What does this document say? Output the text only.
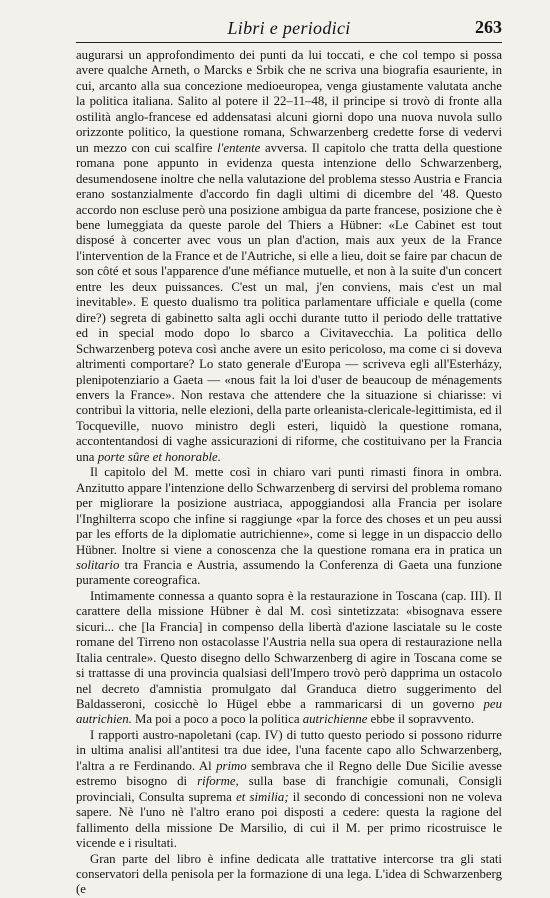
Libri e periodici	263

augurarsi un approfondimento dei punti da lui toccati, e che col tempo si possa avere qualche Arneth, o Marcks e Srbik che ne scriva una biografia esauriente, in cui, arcanto alla sua concezione medioeuropea, venga giustamente valutata anche la politica italiana. Salito al potere il 22–11–48, il principe si trovò di fronte alla ostilità anglo-francese ed addensatasi alcuni giorni dopo una nuova nuvola sullo orizzonte politico, la questione romana, Schwarzenberg credette forse di vedervi un mezzo con cui scalfire l'entente avversa. Il capitolo che tratta della questione romana pone appunto in evidenza questa intenzione dello Schwarzenberg, desumendosene inoltre che nella valutazione del problema stesso Austria e Francia erano sostanzialmente d'accordo fin dagli ultimi di dicembre del '48. Questo accordo non escluse però una posizione ambigua da parte francese, posizione che è bene lumeggiata da queste parole del Thiers a Hübner: «Le Cabinet est tout disposé à concerter avec vous un plan d'action, mais aux yeux de la France l'intervention de la France et de l'Autriche, si elle a lieu, doit se faire par chacun de son côté et sous l'apparence d'une méfiance mutuelle, et non à la suite d'un concert entre les deux puissances. C'est un mal, j'en conviens, mais c'est un mal inevitable». E questo dualismo tra politica parlamentare ufficiale e quella (come dire?) segreta di gabinetto salta agli occhi durante tutto il periodo delle trattative ed in special modo dopo lo sbarco a Civitavecchia. La politica dello Schwarzenberg poteva così anche avere un esito pericoloso, ma come ci si doveva altrimenti comportare? Lo stato generale d'Europa — scriveva egli all'Esterházy, plenipotenziario a Gaeta — «nous fait la loi d'user de beaucoup de ménagements envers la France». Non restava che attendere che la situazione si chiarisse: vi contribuì la vittoria, nelle elezioni, della parte orleanista-clericale-legittimista, ed il Tocqueville, nuovo ministro degli esteri, liquidò la questione romana, accontentandosi di vaghe assicurazioni di riforme, che costituivano per la Francia una porte sûre et honorable.

Il capitolo del M. mette così in chiaro vari punti rimasti finora in ombra. Anzitutto appare l'intenzione dello Schwarzenberg di servirsi del problema romano per migliorare la posizione austriaca, appoggiandosi alla Francia per isolare l'Inghilterra scopo che infine si raggiunge «par la force des choses et un peu aussi par les efforts de la diplomatie autrichienne», come si legge in un dispaccio dello Hübner. Inoltre si viene a conoscenza che la questione romana era in pratica un solitario tra Francia e Austria, assumendo la Conferenza di Gaeta una funzione puramente coreografica.

Intimamente connessa a quanto sopra è la restaurazione in Toscana (cap. III). Il carattere della missione Hübner è dal M. così sintetizzata: «bisognava essere sicuri... che [la Francia] in compenso della libertà d'azione lasciatale su le coste romane del Tirreno non ostacolasse l'Austria nella sua opera di restaurazione nella Italia centrale». Questo disegno dello Schwarzenberg di agire in Toscana come se si trattasse di una provincia qualsiasi dell'Impero trovò però dapprima un ostacolo nel decreto d'amnistia promulgato dal Granduca dietro suggerimento del Baldasseroni, cosicchè lo Hügel ebbe a rammaricarsi di un governo peu autrichien. Ma poi a poco a poco la politica autrichienne ebbe il sopravvento.

I rapporti austro-napoletani (cap. IV) di tutto questo periodo si possono ridurre in ultima analisi all'antitesi tra due idee, l'una facente capo allo Schwarzenberg, l'altra a re Ferdinando. Al primo sembrava che il Regno delle Due Sicilie avesse estremo bisogno di riforme, sulla base di franchigie comunali, Consigli provinciali, Consulta suprema et similia; il secondo di concessioni non ne voleva sapere. Nè l'uno nè l'altro erano poi disposti a cedere: questa la ragione del fallimento della missione De Marsilio, di cui il M. per primo ricostruisce le vicende e i risultati.

Gran parte del libro è infine dedicata alle trattative intercorse tra gli stati conservatori della penisola per la formazione di una lega. L'idea di Schwarzenberg (e
